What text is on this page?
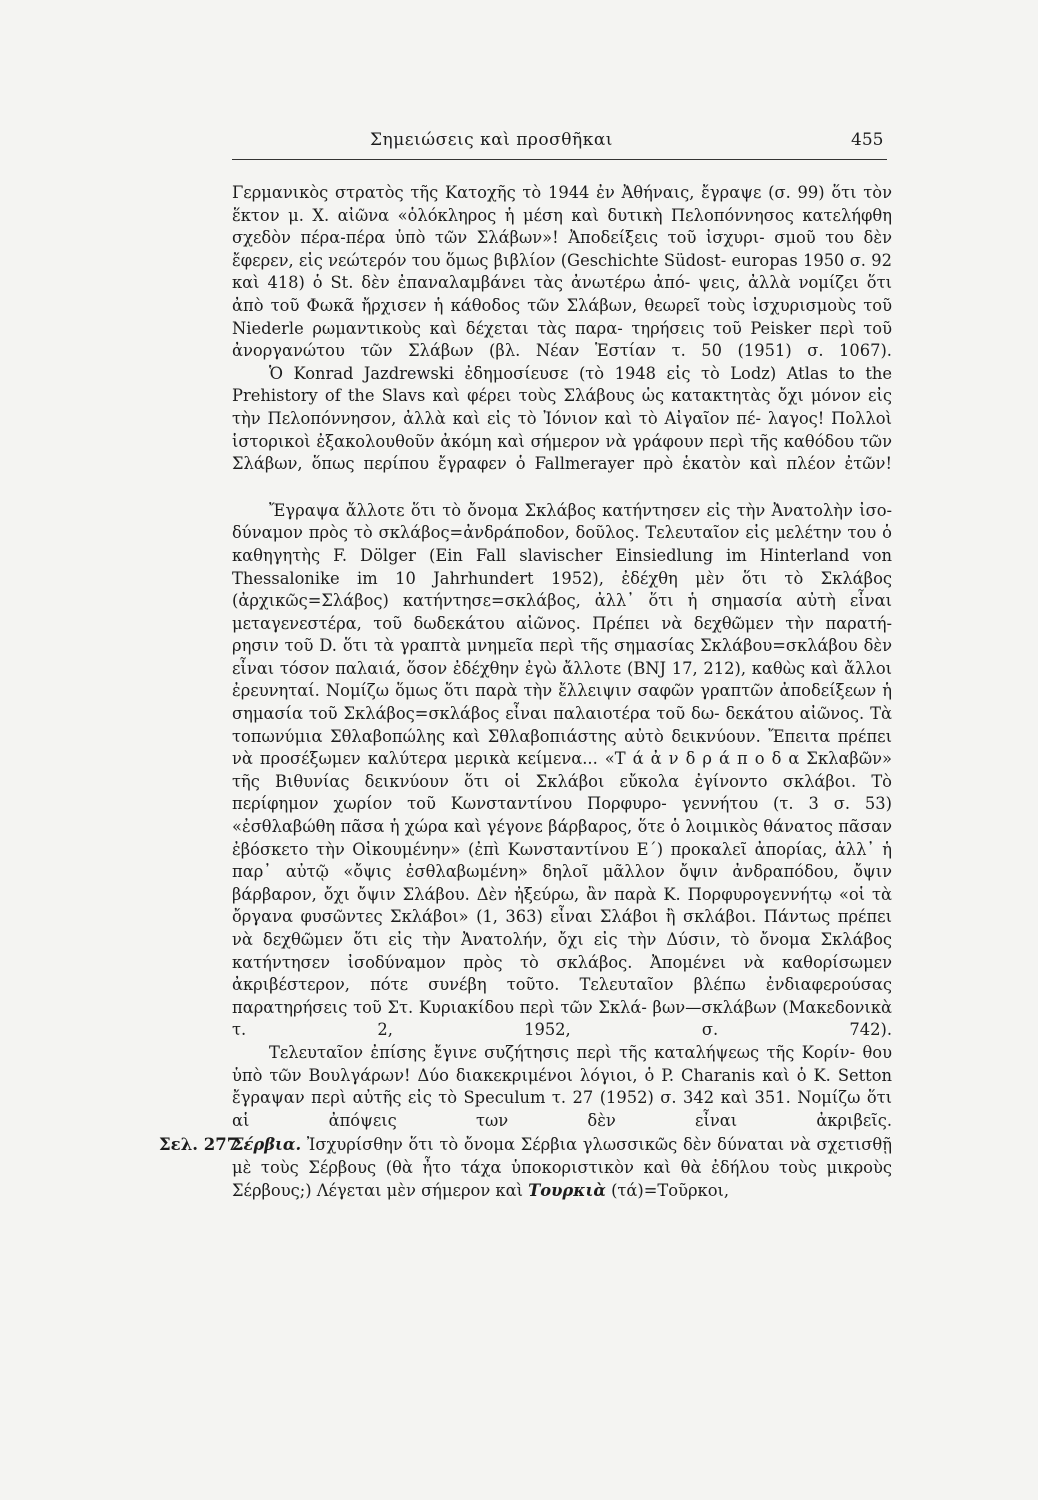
Σημειώσεις καὶ προσθῆκαι	455

Γερμανικὸς στρατὸς τῆς Κατοχῆς τὸ 1944 ἐν Ἀθήναις, ἔγραψε (σ. 99) ὅτι τὸν ἕκτον μ. Χ. αἰῶνα «ὁλόκληρος ἡ μέση καὶ δυτικὴ Πελοπόννησος κατελήφθη σχεδὸν πέρα-πέρα ὑπὸ τῶν Σλάβων»! Ἀποδείξεις τοῦ ἰσχυρι- σμοῦ του δὲν ἔφερεν, εἰς νεώτερόν του ὅμως βιβλίον (Geschichte Südost- europas 1950 σ. 92 καὶ 418) ὁ St. δὲν ἐπαναλαμβάνει τὰς ἀνωτέρω ἀπό- ψεις, ἀλλὰ νομίζει ὅτι ἀπὸ τοῦ Φωκᾶ ἤρχισεν ἡ κάθοδος τῶν Σλάβων, θεωρεῖ τοὺς ἰσχυρισμοὺς τοῦ Niederle ρωμαντικοὺς καὶ δέχεται τὰς παρα- τηρήσεις τοῦ Peisker περὶ τοῦ ἀνοργανώτου τῶν Σλάβων (βλ. Νέαν Ἑστίαν τ. 50 (1951) σ. 1067).

Ὁ Konrad Jazdrewski ἐδημοσίευσε (τὸ 1948 εἰς τὸ Lodz) Atlas to the Prehistory of the Slavs καὶ φέρει τοὺς Σλάβους ὡς κατακτητὰς ὄχι μόνον εἰς τὴν Πελοπόννησον, ἀλλὰ καὶ εἰς τὸ Ἰόνιον καὶ τὸ Αἰγαῖον πέ- λαγος! Πολλοὶ ἱστορικοὶ ἐξακολουθοῦν ἀκόμη καὶ σήμερον νὰ γράφουν περὶ τῆς καθόδου τῶν Σλάβων, ὅπως περίπου ἔγραφεν ὁ Fallmerayer πρὸ ἑκατὸν καὶ πλέον ἐτῶν!

Ἔγραψα ἄλλοτε ὅτι τὸ ὄνομα Σκλάβος κατήντησεν εἰς τὴν Ἀνατολὴν ἰσο- δύναμον πρὸς τὸ σκλάβος=ἀνδράποδον, δοῦλος. Τελευταῖον εἰς μελέτην του ὁ καθηγητὴς F. Dölger (Ein Fall slavischer Einsiedlung im Hinterland von Thessalonike im 10 Jahrhundert 1952), ἐδέχθη μὲν ὅτι τὸ Σκλάβος (ἀρχικῶς=Σλάβος) κατήντησε=σκλάβος, ἀλλ᾽ ὅτι ἡ σημασία αὐτὴ εἶναι μεταγενεστέρα, τοῦ δωδεκάτου αἰῶνος. Πρέπει νὰ δεχθῶμεν τὴν παρατή- ρησιν τοῦ D. ὅτι τὰ γραπτὰ μνημεῖα περὶ τῆς σημασίας Σκλάβου=σκλάβου δὲν εἶναι τόσον παλαιά, ὅσον ἐδέχθην ἐγὼ ἄλλοτε (BNJ 17, 212), καθὼς καὶ ἄλλοι ἐρευνηταί. Νομίζω ὅμως ὅτι παρὰ τὴν ἔλλειψιν σαφῶν γραπτῶν ἀποδείξεων ἡ σημασία τοῦ Σκλάβος=σκλάβος εἶναι παλαιοτέρα τοῦ δω- δεκάτου αἰῶνος. Τὰ τοπωνύμια Σθλαβοπώλης καὶ Σθλαβοπιάστης αὐτὸ δεικνύουν. Ἔπειτα πρέπει νὰ προσέξωμεν καλύτερα μερικὰ κείμενα... «Τ ά ἀ ν δ ρ ά π ο δ α Σκλαβῶν» τῆς Βιθυνίας δεικνύουν ὅτι οἱ Σκλάβοι εὔκολα ἐγίνοντο σκλάβοι. Τὸ περίφημον χωρίον τοῦ Κωνσταντίνου Πορφυρο- γεννήτου (τ. 3 σ. 53) «ἐσθλαβώθη πᾶσα ἡ χώρα καὶ γέγονε βάρβαρος, ὅτε ὁ λοιμικὸς θάνατος πᾶσαν ἐβόσκετο τὴν Οἰκουμένην» (ἐπὶ Κωνσταντίνου Ε΄) προκαλεῖ ἀπορίας, ἀλλ᾽ ἡ παρ᾽ αὐτῷ «ὄψις ἐσθλαβωμένη» δηλοῖ μᾶλλον ὄψιν ἀνδραπόδου, ὄψιν βάρβαρον, ὄχι ὄψιν Σλάβου. Δὲν ἠξεύρω, ἂν παρὰ Κ. Πορφυρογεννήτῳ «οἱ τὰ ὄργανα φυσῶντες Σκλάβοι» (1, 363) εἶναι Σλάβοι ἢ σκλάβοι. Πάντως πρέπει νὰ δεχθῶμεν ὅτι εἰς τὴν Ἀνατολήν, ὄχι εἰς τὴν Δύσιν, τὸ ὄνομα Σκλάβος κατήντησεν ἰσοδύναμον πρὸς τὸ σκλάβος. Ἀπομένει νὰ καθορίσωμεν ἀκριβέστερον, πότε συνέβη τοῦτο. Τελευταῖον βλέπω ἐνδιαφερούσας παρατηρήσεις τοῦ Στ. Κυριακίδου περὶ τῶν Σκλά- βων—σκλάβων (Μακεδονικὰ τ. 2, 1952, σ. 742).

Τελευταῖον ἐπίσης ἔγινε συζήτησις περὶ τῆς καταλήψεως τῆς Κορίν- θου ὑπὸ τῶν Βουλγάρων! Δύο διακεκριμένοι λόγιοι, ὁ P. Charanis καὶ ὁ K. Setton ἔγραψαν περὶ αὐτῆς εἰς τὸ Speculum τ. 27 (1952) σ. 342 καὶ 351. Νομίζω ὅτι αἱ ἀπόψεις των δὲν εἶναι ἀκριβεῖς.

Σελ. 277.
Σέρβια. Ἰσχυρίσθην ὅτι τὸ ὄνομα Σέρβια γλωσσικῶς δὲν δύναται νὰ σχετισθῇ μὲ τοὺς Σέρβους (θὰ ἦτο τάχα ὑποκοριστικὸν καὶ θὰ ἐδήλου τοὺς μικροὺς Σέρβους;) Λέγεται μὲν σήμερον καὶ Τουρκιὰ (τά)=Τοῦρκοι,
